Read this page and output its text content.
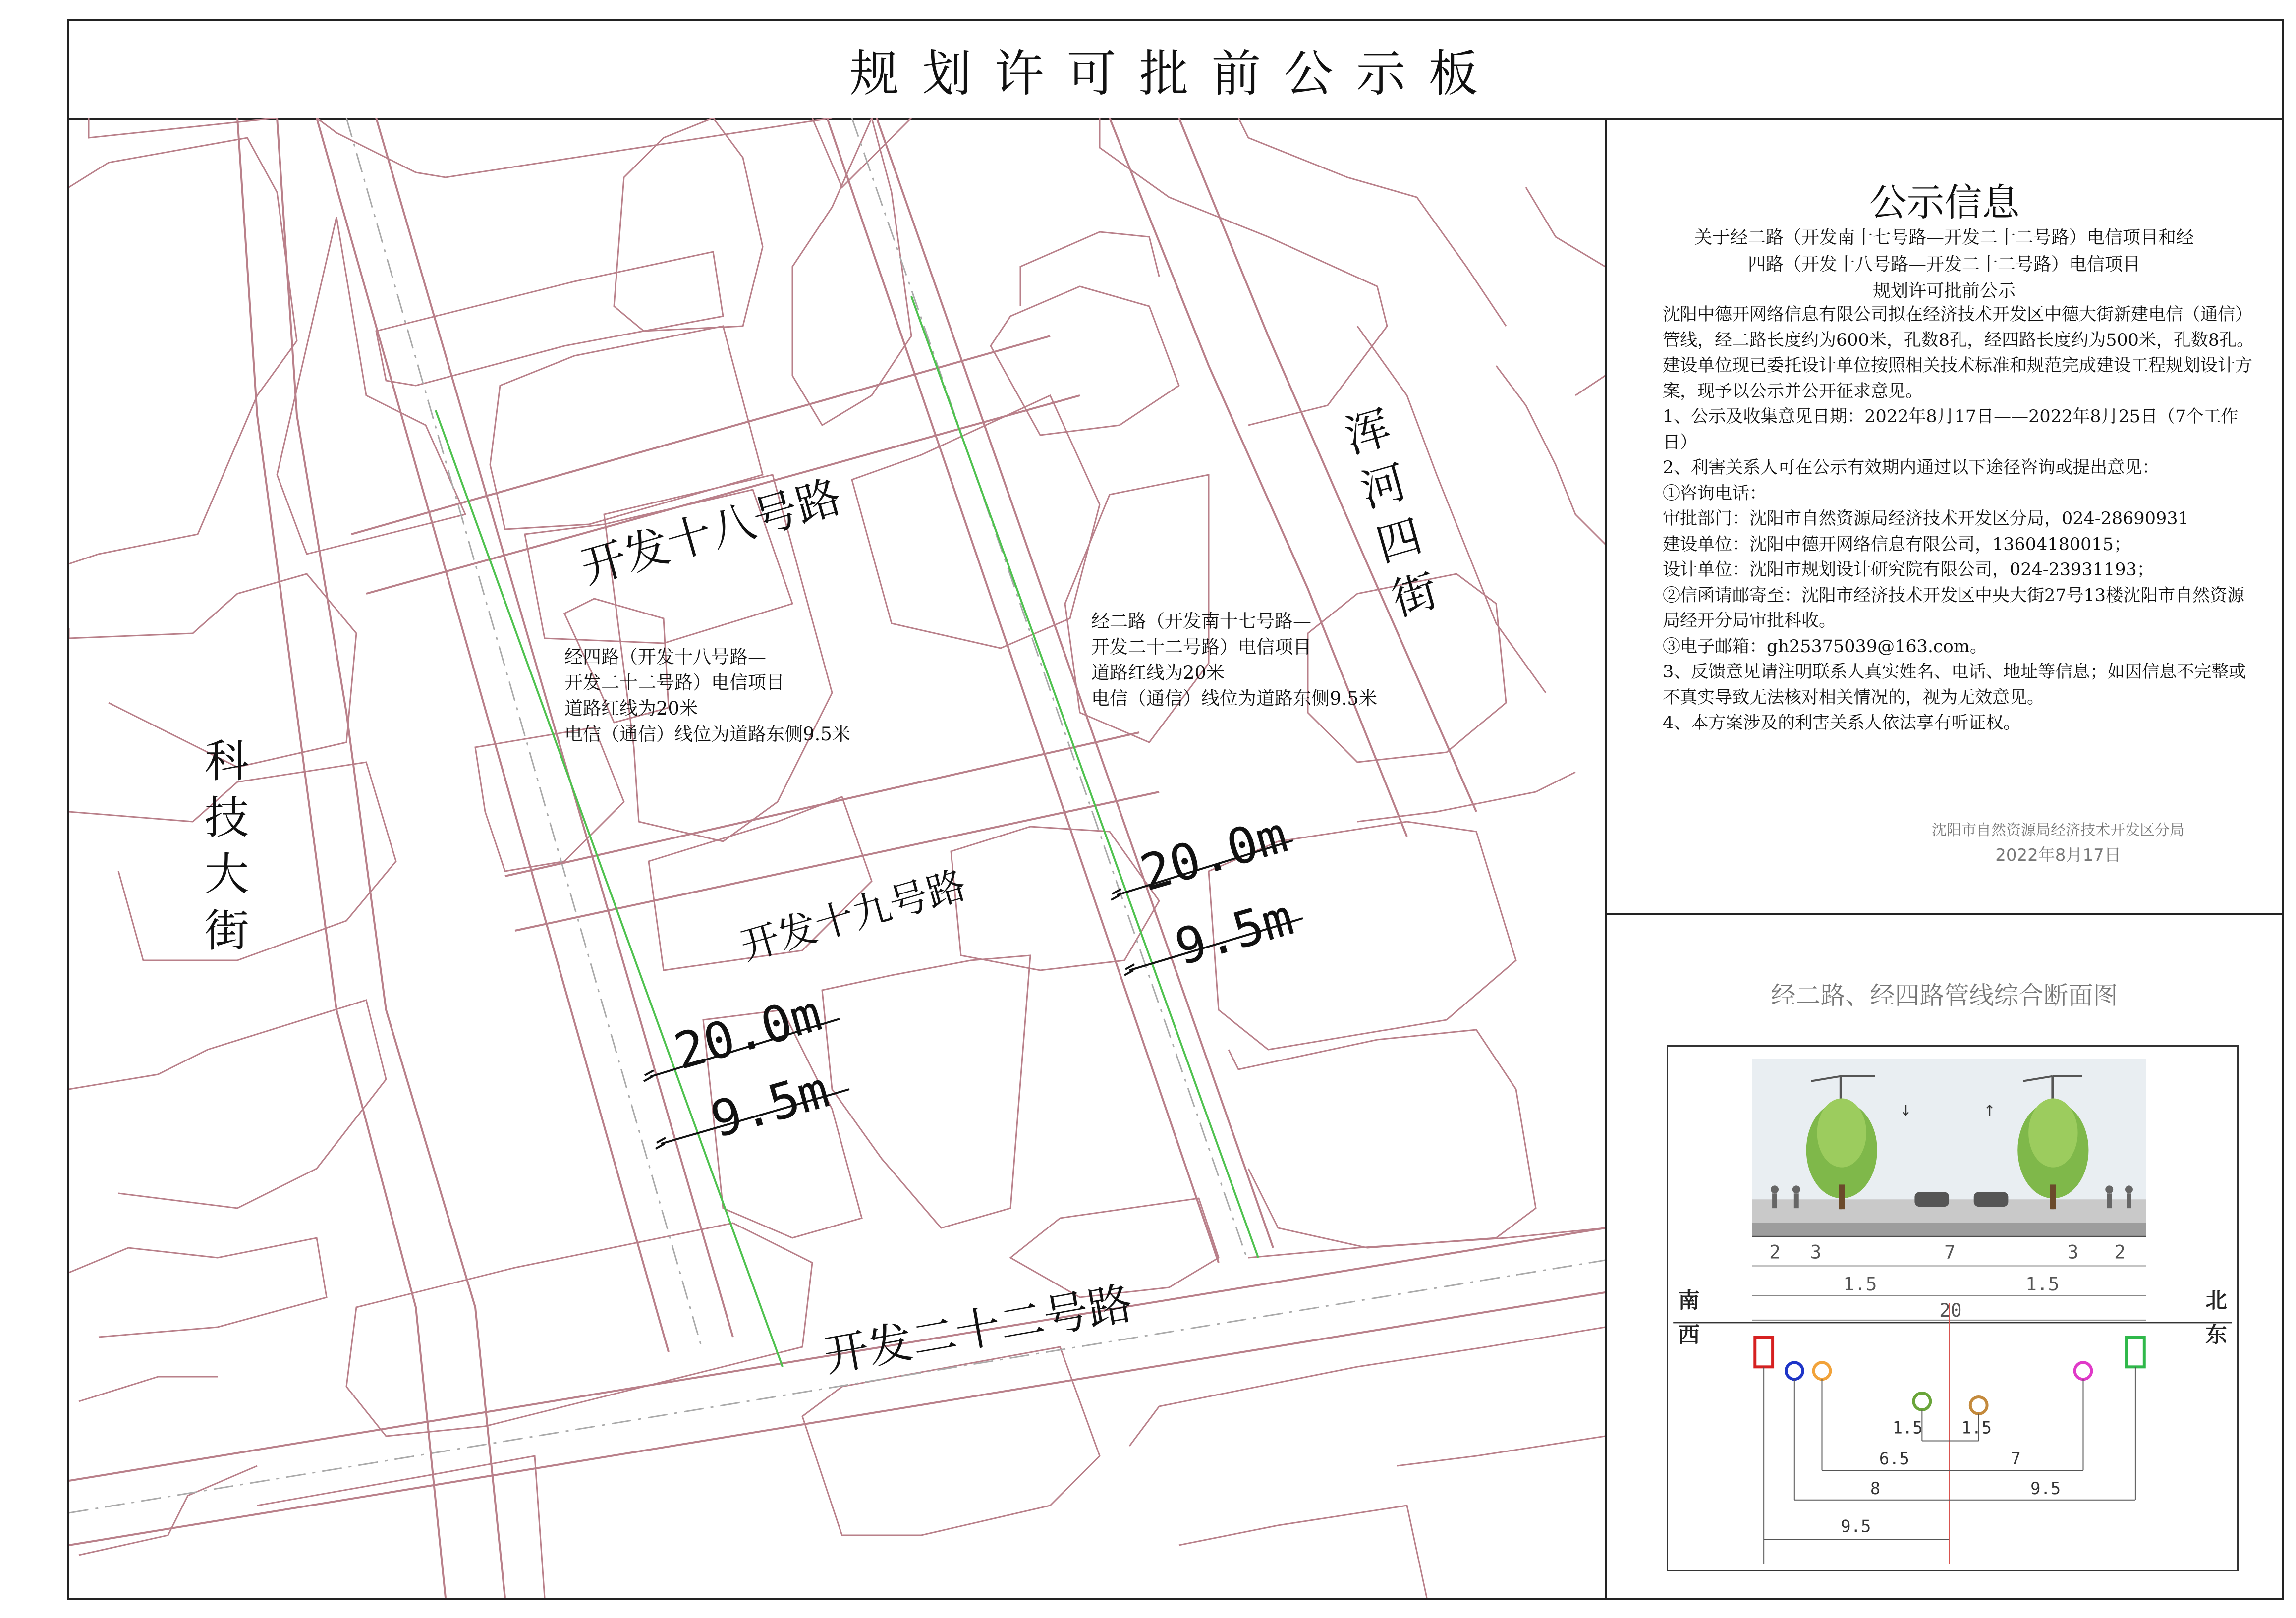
规划许可批前公示板
开发十八号路
开发十九号路
开发二十二号路
科技大街
浑河四街
经四路（开发十八号路—
开发二十二号路）电信项目
道路红线为20米
电信（通信）线位为道路东侧9.5米
经二路（开发南十七号路—
开发二十二号路）电信项目
道路红线为20米
电信（通信）线位为道路东侧9.5米
20.0m
9.5m
20.0m
9.5m
公示信息
关于经二路（开发南十七号路—开发二十二号路）电信项目和经
四路（开发十八号路—开发二十二号路）电信项目
规划许可批前公示

沈阳中德开网络信息有限公司拟在经济技术开发区中德大街新建电信（通信）管线，经二路长度约为600米，孔数8孔，经四路长度约为500米，孔数8孔。建设单位现已委托设计单位按照相关技术标准和规范完成建设工程规划设计方案，现予以公示并公开征求意见。

1、公示及收集意见日期：2022年8月17日——2022年8月25日（7个工作日）

2、利害关系人可在公示有效期内通过以下途径咨询或提出意见：

①咨询电话：

审批部门：沈阳市自然资源局经济技术开发区分局，024-28690931

建设单位：沈阳中德开网络信息有限公司，13604180015；

设计单位：沈阳市规划设计研究院有限公司，024-23931193；

②信函请邮寄至：沈阳市经济技术开发区中央大街27号13楼沈阳市自然资源局经开分局审批科收。

③电子邮箱：gh25375039@163.com。

3、反馈意见请注明联系人真实姓名、电话、地址等信息；如因信息不完整或不真实导致无法核对相关情况的，视为无效意见。

4、本方案涉及的利害关系人依法享有听证权。

沈阳市自然资源局经济技术开发区分局
2022年8月17日
经二路、经四路管线综合断面图
↓	↑
2 3	7	3 2
1.5	1.5
20
南
西
北
东
1.5 1.5
6.5	7
8	9.5
9.5
